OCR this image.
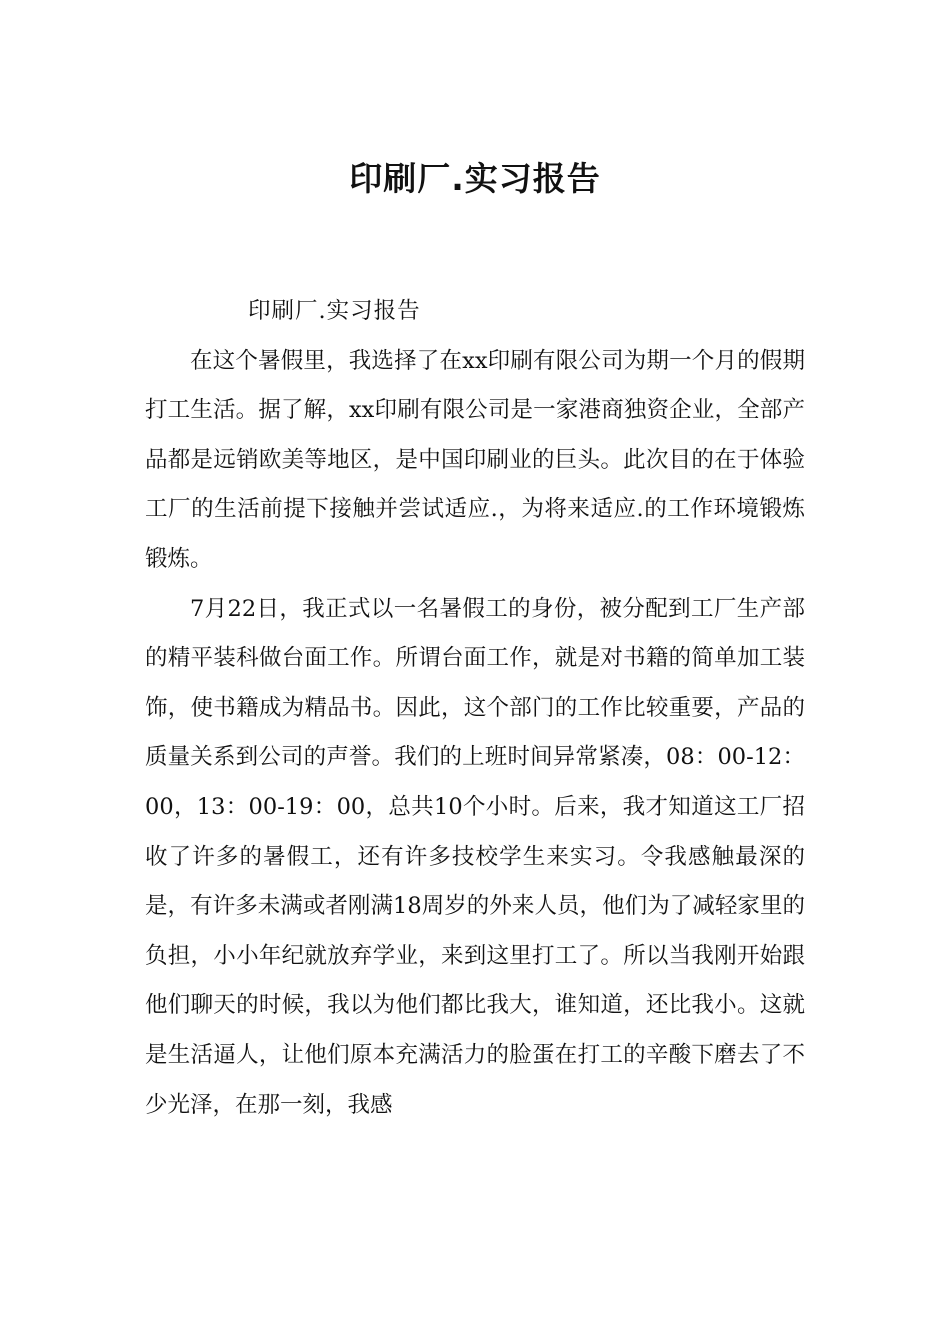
印刷厂.实习报告

印刷厂.实习报告

在这个暑假里，我选择了在xx印刷有限公司为期一个月的假期打工生活。据了解，xx印刷有限公司是一家港商独资企业，全部产品都是远销欧美等地区，是中国印刷业的巨头。此次目的在于体验工厂的生活前提下接触并尝试适应.，为将来适应.的工作环境锻炼锻炼。

7月22日，我正式以一名暑假工的身份，被分配到工厂生产部的精平装科做台面工作。所谓台面工作，就是对书籍的简单加工装饰，使书籍成为精品书。因此，这个部门的工作比较重要，产品的质量关系到公司的声誉。我们的上班时间异常紧凑，08：00-12：00，13：00-19：00，总共10个小时。后来，我才知道这工厂招收了许多的暑假工，还有许多技校学生来实习。令我感触最深的是，有许多未满或者刚满18周岁的外来人员，他们为了减轻家里的负担，小小年纪就放弃学业，来到这里打工了。所以当我刚开始跟他们聊天的时候，我以为他们都比我大，谁知道，还比我小。这就是生活逼人，让他们原本充满活力的脸蛋在打工的辛酸下磨去了不少光泽，在那一刻，我感
